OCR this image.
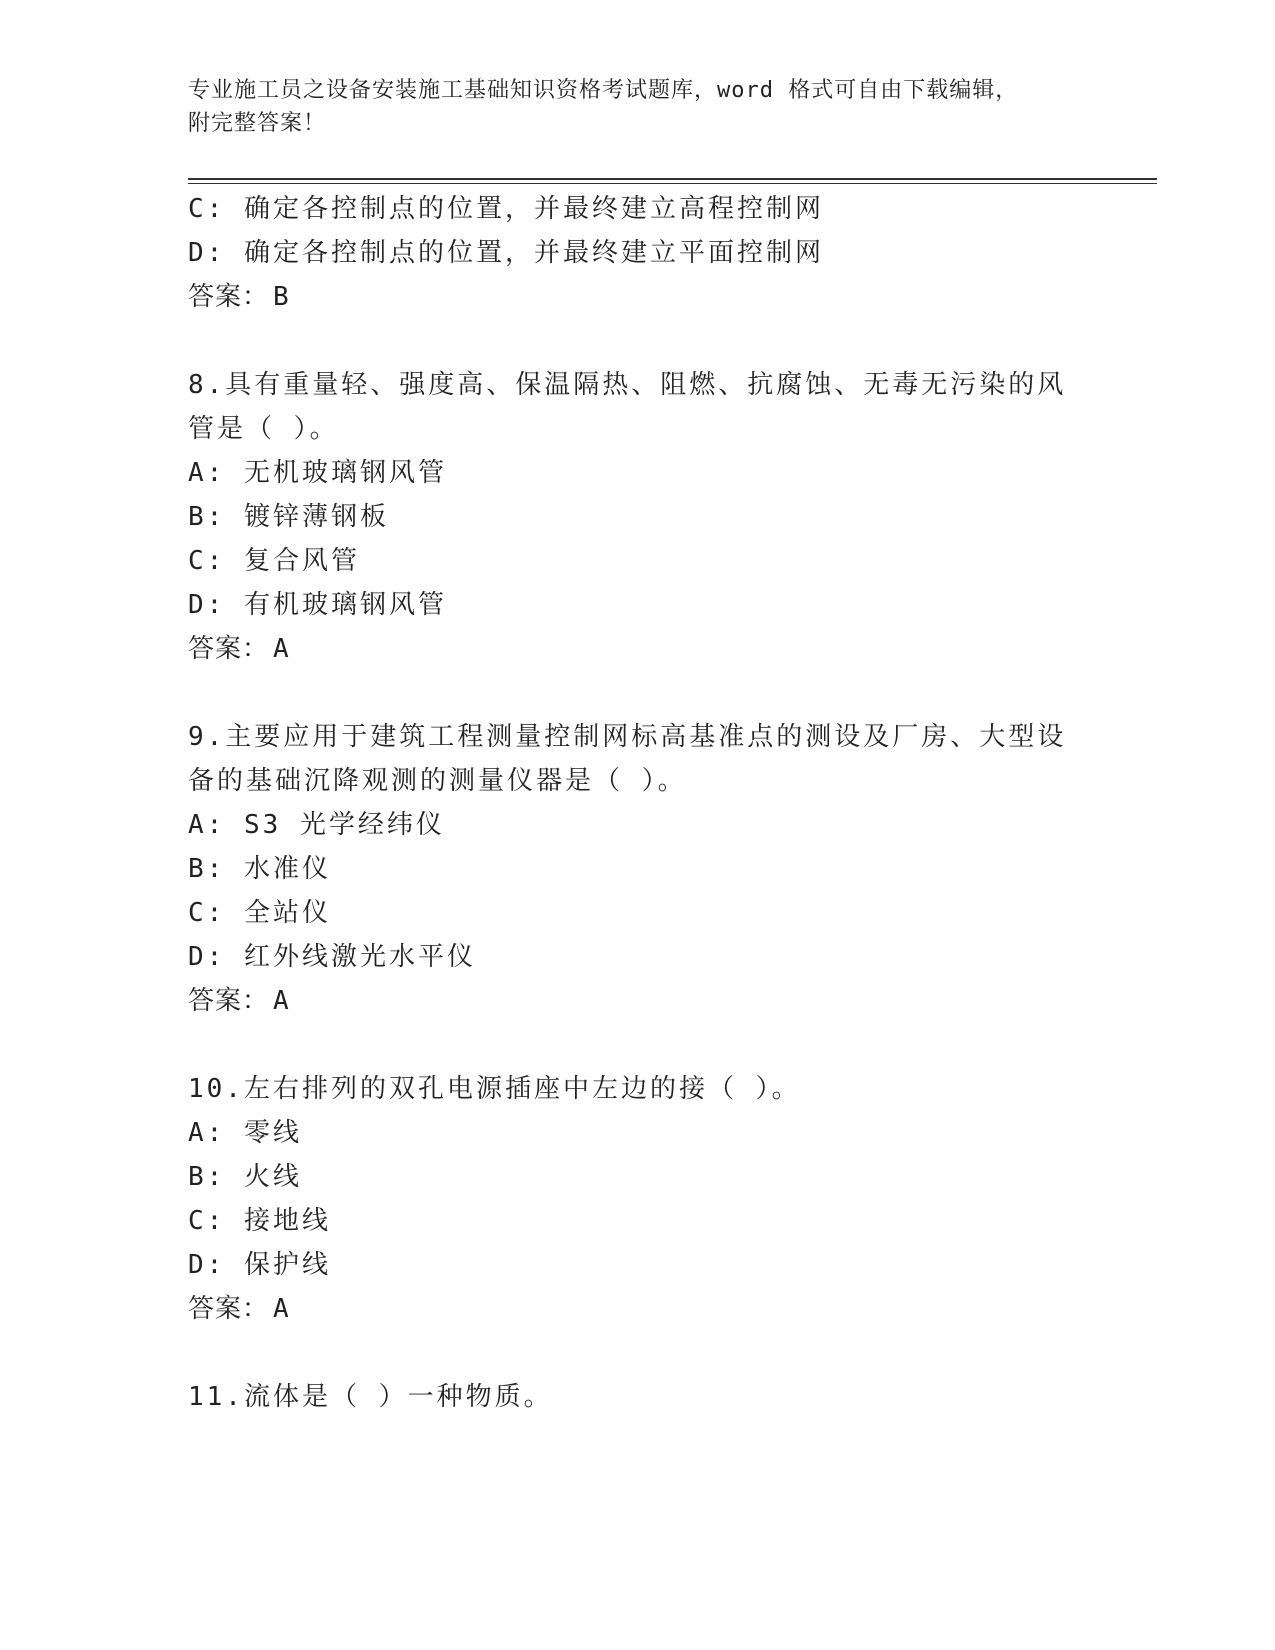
专业施工员之设备安装施工基础知识资格考试题库，word 格式可自由下载编辑，
附完整答案！
C: 确定各控制点的位置，并最终建立高程控制网
D: 确定各控制点的位置，并最终建立平面控制网
答案： B
8.具有重量轻、强度高、保温隔热、阻燃、抗腐蚀、无毒无污染的风
管是（ ）。
A: 无机玻璃钢风管
B: 镀锌薄钢板
C: 复合风管
D: 有机玻璃钢风管
答案： A
9.主要应用于建筑工程测量控制网标高基准点的测设及厂房、大型设
备的基础沉降观测的测量仪器是（ ）。
A: S3 光学经纬仪
B: 水准仪
C: 全站仪
D: 红外线激光水平仪
答案： A
10.左右排列的双孔电源插座中左边的接（ ）。
A: 零线
B: 火线
C: 接地线
D: 保护线
答案： A
11.流体是（ ）一种物质。
